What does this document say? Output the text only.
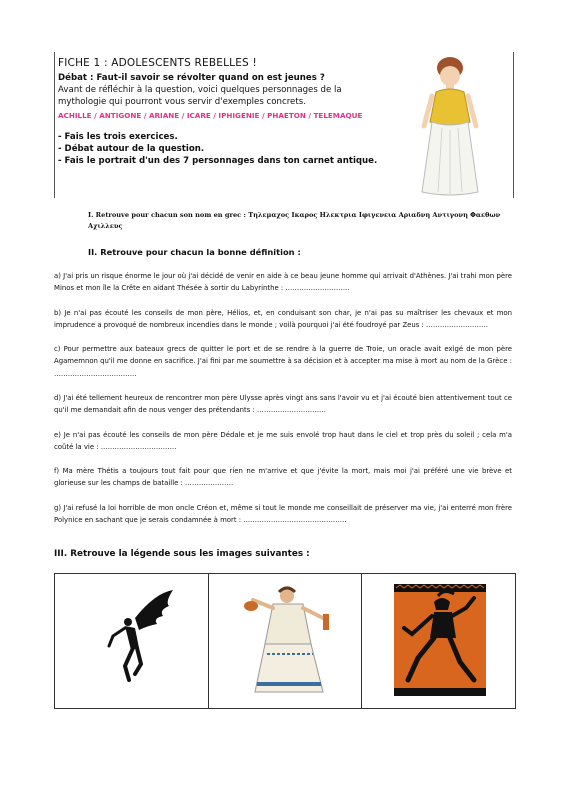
FICHE 1 : ADOLESCENTS REBELLES !

Débat : Faut-il savoir se révolter quand on est jeunes ?

Avant de réfléchir à la question, voici quelques personnages de la mythologie qui pourront vous servir d'exemples concrets.

ACHILLE / ANTIGONE / ARIANE / ICARE / IPHIGENIE / PHAETON / TELEMAQUE

- Fais les trois exercices.

- Débat autour de la question.

- Fais le portrait d'un des 7 personnages dans ton carnet antique.

I. Retrouve pour chacun son nom en grec : Τηλεμαχος Ικαρος Ηλεκτρια Ιφιγενεια Αριαδνη Αντιγονη Φαεθων Αχιλλευς
II. Retrouve pour chacun la bonne définition :

a) J'ai pris un risque énorme le jour où j'ai décidé de venir en aide à ce beau jeune homme qui arrivait d'Athènes. J'ai trahi mon père Minos et mon île la Crête en aidant Thésée à sortir du Labyrinthe : ……………………….

b) Je n'ai pas écouté les conseils de mon père, Hélios, et, en conduisant son char, je n'ai pas su maîtriser les chevaux et mon imprudence a provoqué de nombreux incendies dans le monde ; voilà pourquoi j'ai été foudroyé par Zeus : ………………………

c) Pour permettre aux bateaux grecs de quitter le port et de se rendre à la guerre de Troie, un oracle avait exigé de mon père Agamemnon qu'il me donne en sacrifice. J'ai fini par me soumettre à sa décision et à accepter ma mise à mort au nom de la Grèce : ………………………………

d) J'ai été tellement heureux de rencontrer mon père Ulysse après vingt ans sans l'avoir vu et j'ai écouté bien attentivement tout ce qu'il me demandait afin de nous venger des prétendants : …………………………

e) Je n'ai pas écouté les conseils de mon père Dédale et je me suis envolé trop haut dans le ciel et trop près du soleil ; cela m'a coûté la vie : ……………………………

f) Ma mère Thétis a toujours tout fait pour que rien ne m'arrive et que j'évite la mort, mais moi j'ai préféré une vie brève et glorieuse sur les champs de bataille : …………………

g) J'ai refusé la loi horrible de mon oncle Créon et, même si tout le monde me conseillait de préserver ma vie, j'ai enterré mon frère Polynice en sachant que je serais condamnée à mort : ………………………………………

III. Retrouve la légende sous les images suivantes :
